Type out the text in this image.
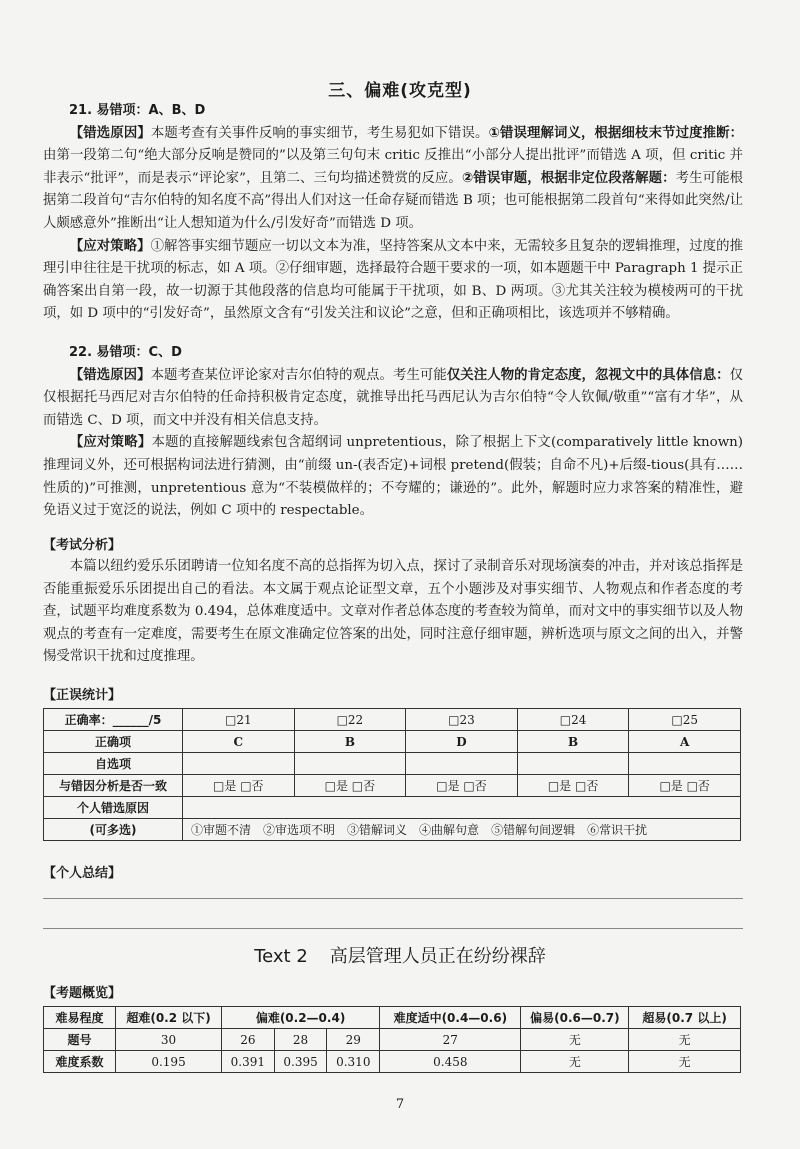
三、偏难(攻克型)
21. 易错项：A、B、D

【错选原因】本题考查有关事件反响的事实细节，考生易犯如下错误。①错误理解词义，根据细枝末节过度推断：由第一段第二句“绝大部分反响是赞同的”以及第三句句末 critic 反推出“小部分人提出批评”而错选 A 项，但 critic 并非表示“批评”，而是表示“评论家”，且第二、三句均描述赞赏的反应。②错误审题，根据非定位段落解题：考生可能根据第二段首句“吉尔伯特的知名度不高”得出人们对这一任命存疑而错选 B 项；也可能根据第二段首句“来得如此突然/让人颇感意外”推断出“让人想知道为什么/引发好奇”而错选 D 项。

【应对策略】①解答事实细节题应一切以文本为准，坚持答案从文本中来，无需较多且复杂的逻辑推理，过度的推理引申往往是干扰项的标志，如 A 项。②仔细审题，选择最符合题干要求的一项，如本题题干中 Paragraph 1 提示正确答案出自第一段，故一切源于其他段落的信息均可能属于干扰项，如 B、D 两项。③尤其关注较为模棱两可的干扰项，如 D 项中的“引发好奇”，虽然原文含有“引发关注和议论”之意，但和正确项相比，该选项并不够精确。

22. 易错项：C、D

【错选原因】本题考查某位评论家对吉尔伯特的观点。考生可能仅关注人物的肯定态度，忽视文中的具体信息：仅仅根据托马西尼对吉尔伯特的任命持积极肯定态度，就推导出托马西尼认为吉尔伯特“令人钦佩/敬重”“富有才华”，从而错选 C、D 项，而文中并没有相关信息支持。

【应对策略】本题的直接解题线索包含超纲词 unpretentious，除了根据上下文(comparatively little known)推理词义外，还可根据构词法进行猜测，由“前缀 un-(表否定)+词根 pretend(假装；自命不凡)+后缀-tious(具有……性质的)”可推测，unpretentious 意为“不装模做样的；不夸耀的；谦逊的”。此外，解题时应力求答案的精准性，避免语义过于宽泛的说法，例如 C 项中的 respectable。

【考试分析】

本篇以纽约爱乐乐团聘请一位知名度不高的总指挥为切入点，探讨了录制音乐对现场演奏的冲击，并对该总指挥是否能重振爱乐乐团提出自己的看法。本文属于观点论证型文章，五个小题涉及对事实细节、人物观点和作者态度的考查，试题平均难度系数为 0.494，总体难度适中。文章对作者总体态度的考查较为简单，而对文中的事实细节以及人物观点的考查有一定难度，需要考生在原文准确定位答案的出处，同时注意仔细审题，辨析选项与原文之间的出入，并警惕受常识干扰和过度推理。

【正误统计】
正确率：______/5	□21	□22	□23	□24	□25
正确项	C	B	D	B	A
自选项					
与错因分析是否一致	□是 □否	□是 □否	□是 □否	□是 □否	□是 □否
个人错选原因					
(可多选)	①审题不清 ②审选项不明 ③错解词义 ④曲解句意 ⑤错解句间逻辑 ⑥常识干扰				
【个人总结】
Text 2 高层管理人员正在纷纷裸辞
【考题概览】
难易程度	超难(0.2 以下)	偏难(0.2—0.4)			难度适中(0.4—0.6)	偏易(0.6—0.7)	超易(0.7 以上)
题号	30	26	28	29	27	无	无
难度系数	0.195	0.391	0.395	0.310	0.458	无	无
7
